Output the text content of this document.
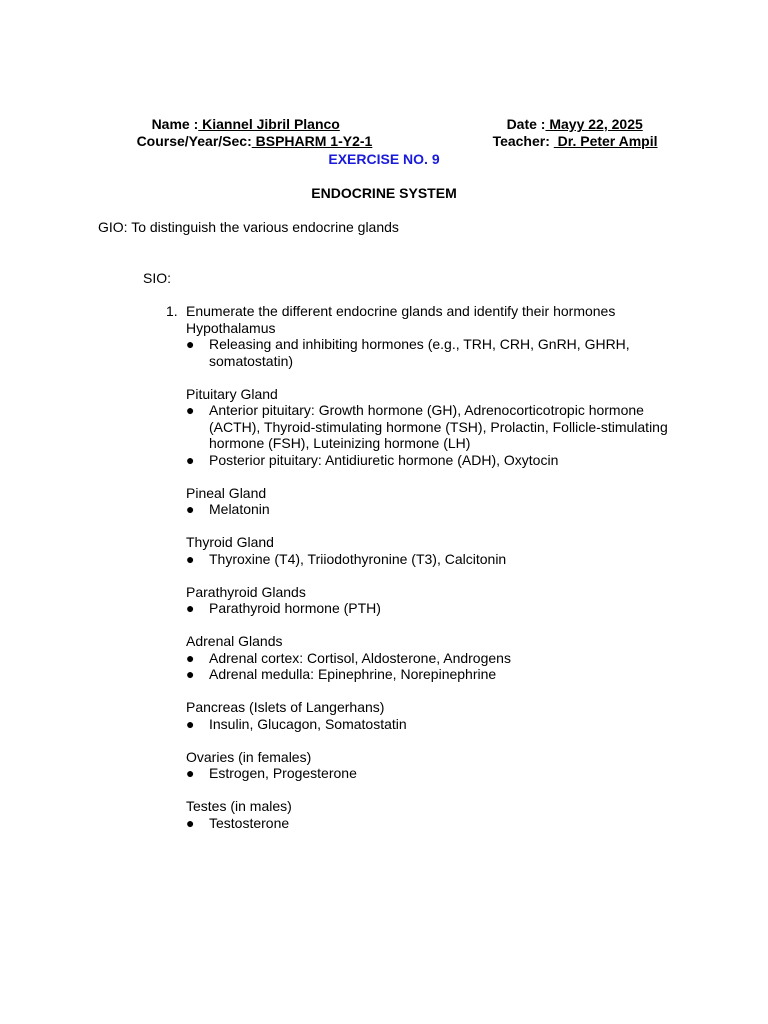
Name : Kiannel Jibril Planco
	Date : Mayy 22, 2025

Course/Year/Sec: BSPHARM 1-Y2-1
	Teacher:  Dr. Peter Ampil

EXERCISE NO. 9
ENDOCRINE SYSTEM
GIO: To distinguish the various endocrine glands
SIO:
1. Enumerate the different endocrine glands and identify their hormones
Hypothalamus
● Releasing and inhibiting hormones (e.g., TRH, CRH, GnRH, GHRH, somatostatin)
Pituitary Gland
● Anterior pituitary: Growth hormone (GH), Adrenocorticotropic hormone (ACTH), Thyroid-stimulating hormone (TSH), Prolactin, Follicle-stimulating hormone (FSH), Luteinizing hormone (LH)
● Posterior pituitary: Antidiuretic hormone (ADH), Oxytocin
Pineal Gland
● Melatonin
Thyroid Gland
● Thyroxine (T4), Triiodothyronine (T3), Calcitonin
Parathyroid Glands
● Parathyroid hormone (PTH)
Adrenal Glands
● Adrenal cortex: Cortisol, Aldosterone, Androgens
● Adrenal medulla: Epinephrine, Norepinephrine
Pancreas (Islets of Langerhans)
● Insulin, Glucagon, Somatostatin
Ovaries (in females)
● Estrogen, Progesterone
Testes (in males)
● Testosterone
